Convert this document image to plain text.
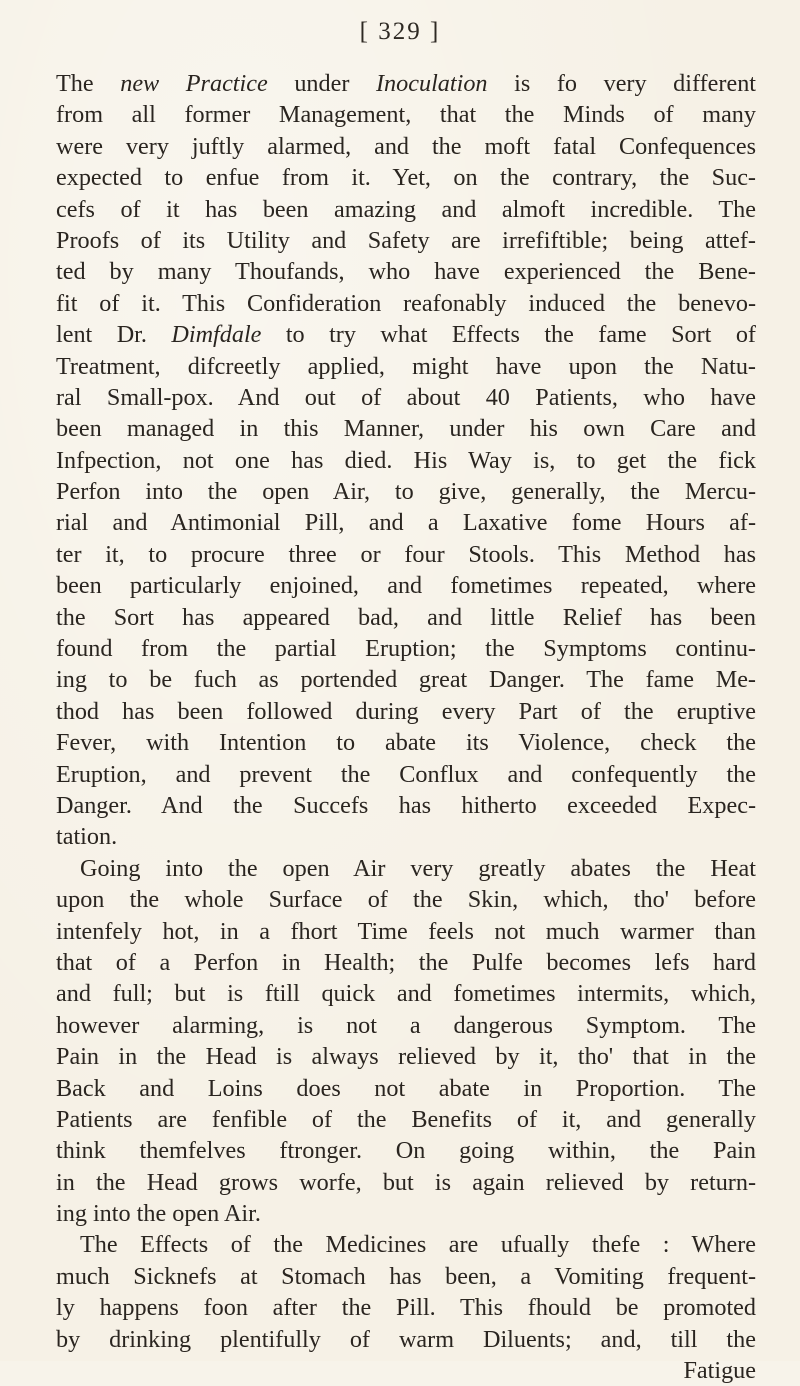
[ 329 ]
The new Practice under Inoculation is fo very different
from all former Management, that the Minds of many
were very juftly alarmed, and the moft fatal Confequences
expected to enfue from it. Yet, on the contrary, the Suc-
cefs of it has been amazing and almoft incredible. The
Proofs of its Utility and Safety are irrefiftible; being attef-
ted by many Thoufands, who have experienced the Bene-
fit of it. This Confideration reafonably induced the benevo-
lent Dr. Dimfdale to try what Effects the fame Sort of
Treatment, difcreetly applied, might have upon the Natu-
ral Small-pox. And out of about 40 Patients, who have
been managed in this Manner, under his own Care and
Infpection, not one has died. His Way is, to get the fick
Perfon into the open Air, to give, generally, the Mercu-
rial and Antimonial Pill, and a Laxative fome Hours af-
ter it, to procure three or four Stools. This Method has
been particularly enjoined, and fometimes repeated, where
the Sort has appeared bad, and little Relief has been
found from the partial Eruption; the Symptoms continu-
ing to be fuch as portended great Danger. The fame Me-
thod has been followed during every Part of the eruptive
Fever, with Intention to abate its Violence, check the
Eruption, and prevent the Conflux and confequently the
Danger. And the Succefs has hitherto exceeded Expec-
tation.
Going into the open Air very greatly abates the Heat
upon the whole Surface of the Skin, which, tho' before
intenfely hot, in a fhort Time feels not much warmer than
that of a Perfon in Health; the Pulfe becomes lefs hard
and full; but is ftill quick and fometimes intermits, which,
however alarming, is not a dangerous Symptom. The
Pain in the Head is always relieved by it, tho' that in the
Back and Loins does not abate in Proportion. The
Patients are fenfible of the Benefits of it, and generally
think themfelves ftronger. On going within, the Pain
in the Head grows worfe, but is again relieved by return-
ing into the open Air.
The Effects of the Medicines are ufually thefe : Where
much Sicknefs at Stomach has been, a Vomiting frequent-
ly happens foon after the Pill. This fhould be promoted
by drinking plentifully of warm Diluents; and, till the
Fatigue
